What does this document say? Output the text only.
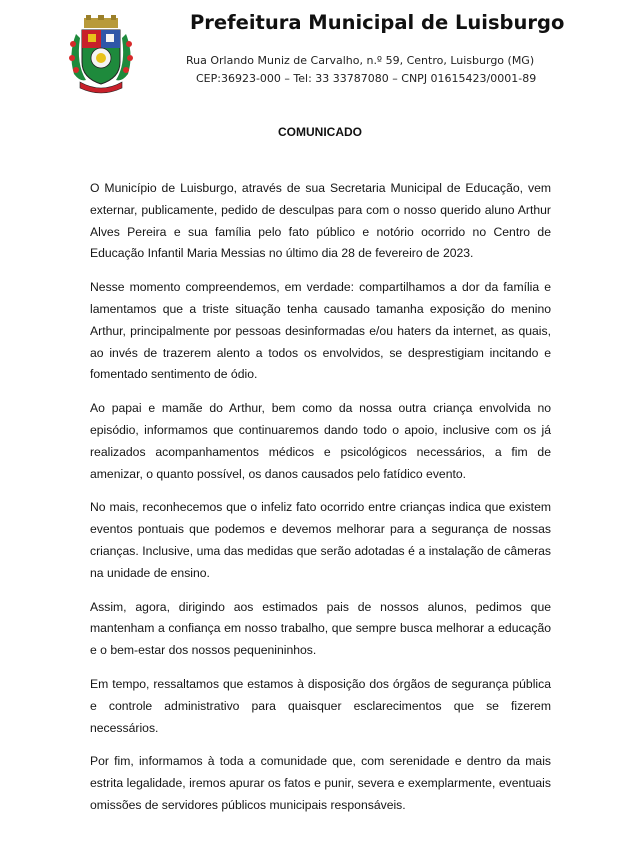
Prefeitura Municipal de Luisburgo
Rua Orlando Muniz de Carvalho, n.º 59, Centro, Luisburgo (MG)
CEP:36923-000 – Tel: 33 33787080 – CNPJ 01615423/0001-89
COMUNICADO

O Município de Luisburgo, através de sua Secretaria Municipal de Educação, vem externar, publicamente, pedido de desculpas para com o nosso querido aluno Arthur Alves Pereira e sua família pelo fato público e notório ocorrido no Centro de Educação Infantil Maria Messias no último dia 28 de fevereiro de 2023.

Nesse momento compreendemos, em verdade: compartilhamos a dor da família e lamentamos que a triste situação tenha causado tamanha exposição do menino Arthur, principalmente por pessoas desinformadas e/ou haters da internet, as quais, ao invés de trazerem alento a todos os envolvidos, se desprestigiam incitando e fomentado sentimento de ódio.

Ao papai e mamãe do Arthur, bem como da nossa outra criança envolvida no episódio, informamos que continuaremos dando todo o apoio, inclusive com os já realizados acompanhamentos médicos e psicológicos necessários, a fim de amenizar, o quanto possível, os danos causados pelo fatídico evento.

No mais, reconhecemos que o infeliz fato ocorrido entre crianças indica que existem eventos pontuais que podemos e devemos melhorar para a segurança de nossas crianças. Inclusive, uma das medidas que serão adotadas é a instalação de câmeras na unidade de ensino.

Assim, agora, dirigindo aos estimados pais de nossos alunos, pedimos que mantenham a confiança em nosso trabalho, que sempre busca melhorar a educação e o bem-estar dos nossos pequenininhos.

Em tempo, ressaltamos que estamos à disposição dos órgãos de segurança pública e controle administrativo para quaisquer esclarecimentos que se fizerem necessários.

Por fim, informamos à toda a comunidade que, com serenidade e dentro da mais estrita legalidade, iremos apurar os fatos e punir, severa e exemplarmente, eventuais omissões de servidores públicos municipais responsáveis.
